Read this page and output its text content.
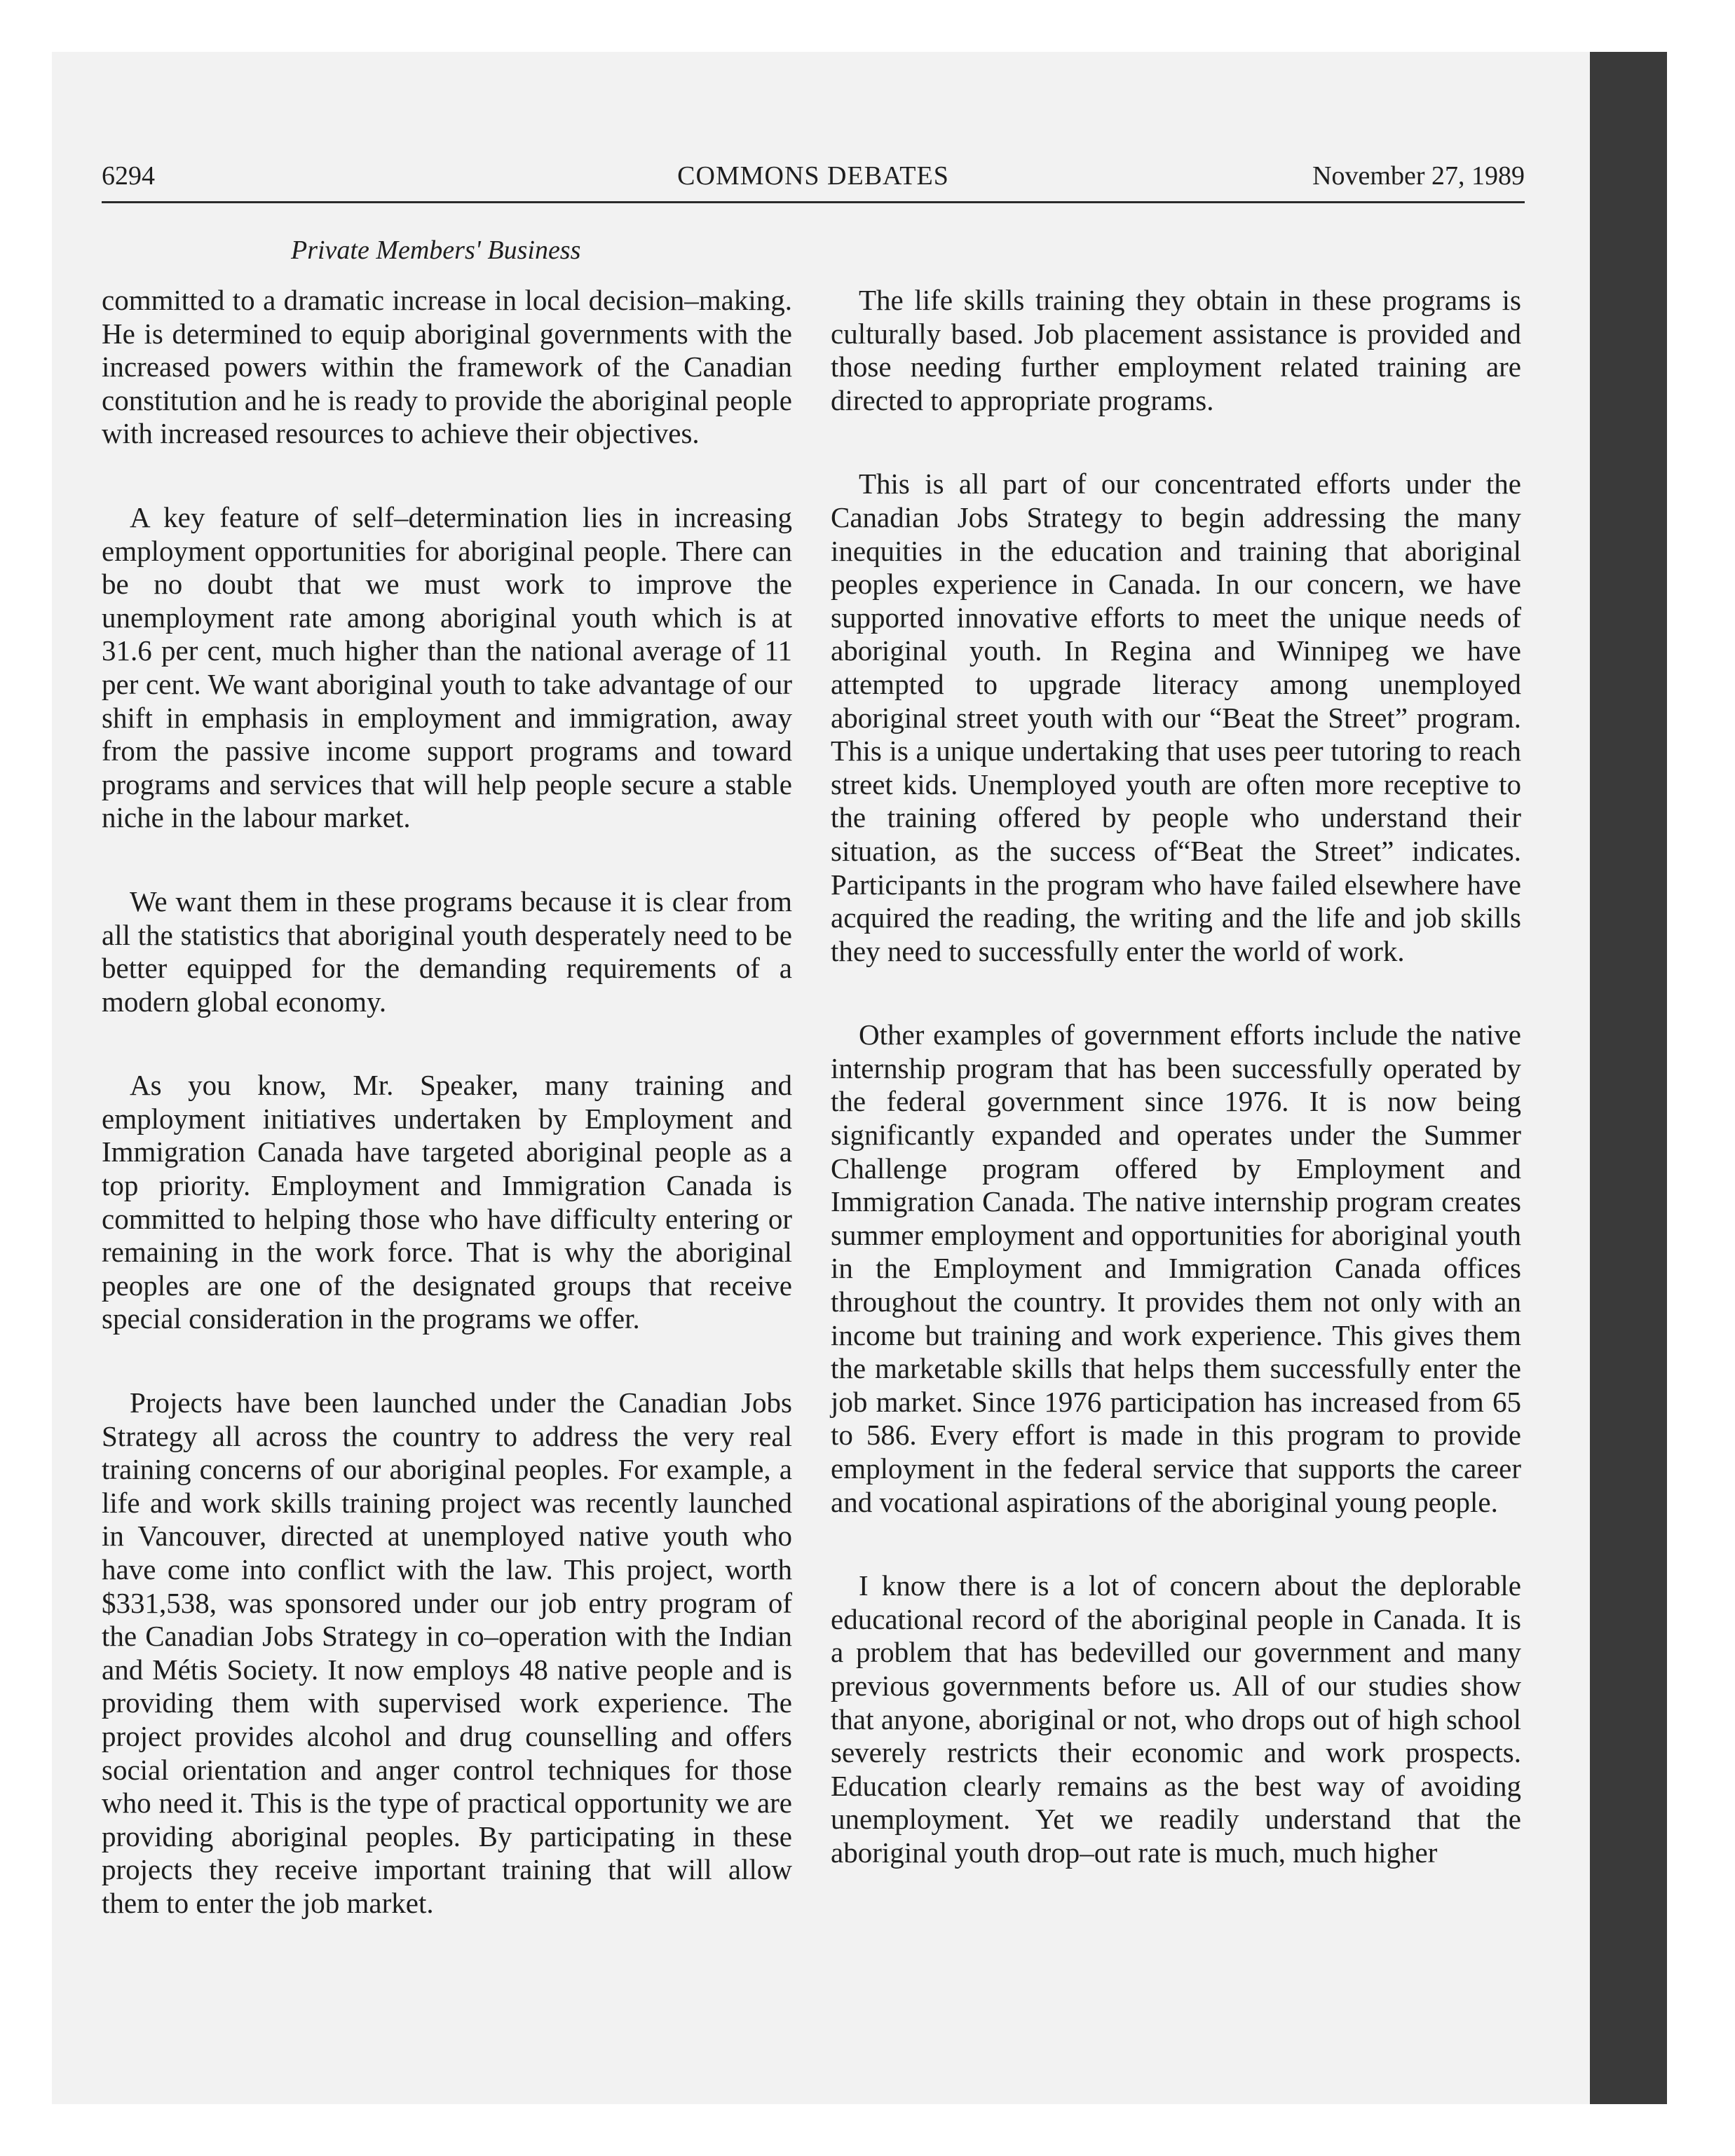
6294	COMMONS DEBATES	November 27, 1989
Private Members' Business

committed to a dramatic increase in local decision–making. He is determined to equip aboriginal governments with the increased powers within the framework of the Canadian constitution and he is ready to provide the aboriginal people with increased resources to achieve their objectives.

A key feature of self–determination lies in increasing employment opportunities for aboriginal people. There can be no doubt that we must work to improve the unemployment rate among aboriginal youth which is at 31.6 per cent, much higher than the national average of 11 per cent. We want aboriginal youth to take advantage of our shift in emphasis in employment and immigration, away from the passive income support programs and toward programs and services that will help people secure a stable niche in the labour market.

We want them in these programs because it is clear from all the statistics that aboriginal youth desperately need to be better equipped for the demanding requirements of a modern global economy.

As you know, Mr. Speaker, many training and employment initiatives undertaken by Employment and Immigration Canada have targeted aboriginal people as a top priority. Employment and Immigration Canada is committed to helping those who have difficulty entering or remaining in the work force. That is why the aboriginal peoples are one of the designated groups that receive special consideration in the programs we offer.

Projects have been launched under the Canadian Jobs Strategy all across the country to address the very real training concerns of our aboriginal peoples. For example, a life and work skills training project was recently launched in Vancouver, directed at unemployed native youth who have come into conflict with the law. This project, worth $331,538, was sponsored under our job entry program of the Canadian Jobs Strategy in co–operation with the Indian and Métis Society. It now employs 48 native people and is providing them with supervised work experience. The project provides alcohol and drug counselling and offers social orientation and anger control techniques for those who need it. This is the type of practical opportunity we are providing aboriginal peoples. By participating in these projects they receive important training that will allow them to enter the job market.

The life skills training they obtain in these programs is culturally based. Job placement assistance is provided and those needing further employment related training are directed to appropriate programs.

This is all part of our concentrated efforts under the Canadian Jobs Strategy to begin addressing the many inequities in the education and training that aboriginal peoples experience in Canada. In our concern, we have supported innovative efforts to meet the unique needs of aboriginal youth. In Regina and Winnipeg we have attempted to upgrade literacy among unemployed aboriginal street youth with our “Beat the Street” program. This is a unique undertaking that uses peer tutoring to reach street kids. Unemployed youth are often more receptive to the training offered by people who understand their situation, as the success of“Beat the Street” indicates. Participants in the program who have failed elsewhere have acquired the reading, the writing and the life and job skills they need to successfully enter the world of work.

Other examples of government efforts include the native internship program that has been successfully operated by the federal government since 1976. It is now being significantly expanded and operates under the Summer Challenge program offered by Employment and Immigration Canada. The native internship program creates summer employment and opportunities for aboriginal youth in the Employment and Immigration Canada offices throughout the country. It provides them not only with an income but training and work experience. This gives them the marketable skills that helps them successfully enter the job market. Since 1976 participation has increased from 65 to 586. Every effort is made in this program to provide employment in the federal service that supports the career and vocational aspirations of the aboriginal young people.

I know there is a lot of concern about the deplorable educational record of the aboriginal people in Canada. It is a problem that has bedevilled our government and many previous governments before us. All of our studies show that anyone, aboriginal or not, who drops out of high school severely restricts their economic and work prospects. Education clearly remains as the best way of avoiding unemployment. Yet we readily understand that the aboriginal youth drop–out rate is much, much higher
